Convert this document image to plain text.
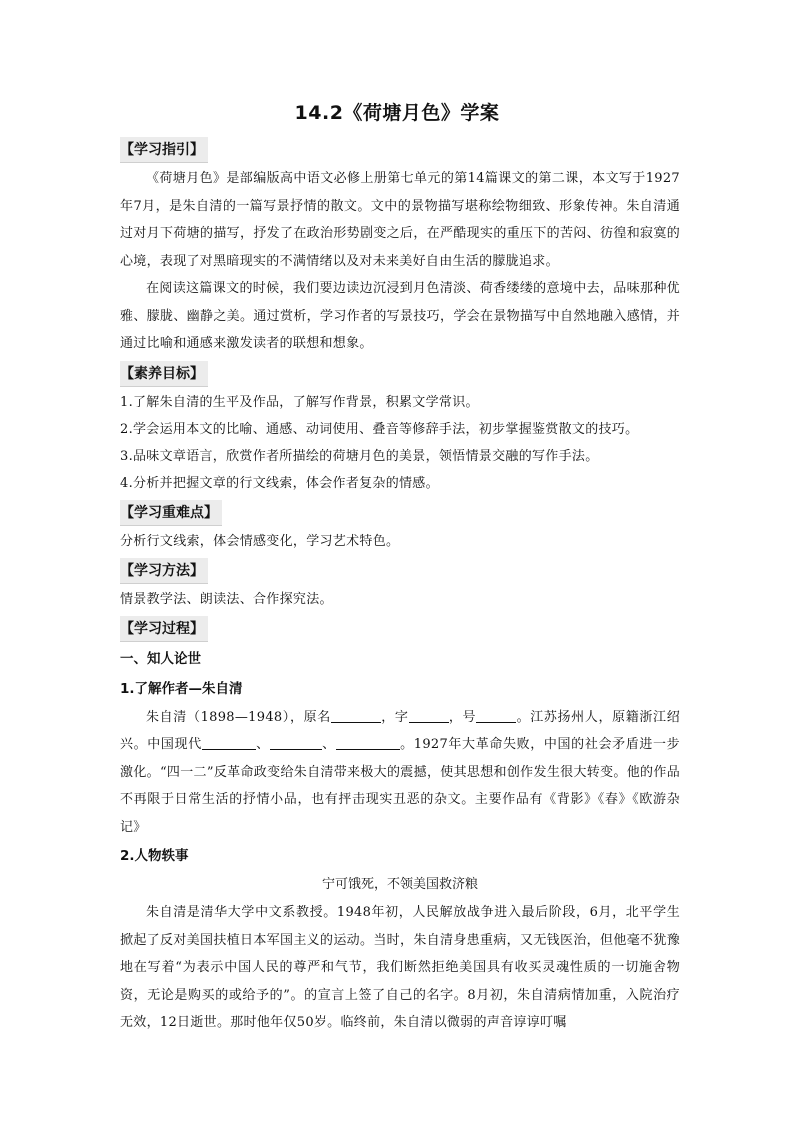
14.2《荷塘月色》学案
【学习指引】

《荷塘月色》是部编版高中语文必修上册第七单元的第14篇课文的第二课，本文写于1927年7月，是朱自清的一篇写景抒情的散文。文中的景物描写堪称绘物细致、形象传神。朱自清通过对月下荷塘的描写，抒发了在政治形势剧变之后，在严酷现实的重压下的苦闷、彷徨和寂寞的心境，表现了对黑暗现实的不满情绪以及对未来美好自由生活的朦胧追求。

在阅读这篇课文的时候，我们要边读边沉浸到月色清淡、荷香缕缕的意境中去，品味那种优雅、朦胧、幽静之美。通过赏析，学习作者的写景技巧，学会在景物描写中自然地融入感情，并通过比喻和通感来激发读者的联想和想象。

【素养目标】

1.了解朱自清的生平及作品，了解写作背景，积累文学常识。

2.学会运用本文的比喻、通感、动词使用、叠音等修辞手法，初步掌握鉴赏散文的技巧。

3.品味文章语言，欣赏作者所描绘的荷塘月色的美景，领悟情景交融的写作手法。

4.分析并把握文章的行文线索，体会作者复杂的情感。

【学习重难点】

分析行文线索，体会情感变化，学习艺术特色。

【学习方法】

情景教学法、朗读法、合作探究法。

【学习过程】

一、知人论世

1.了解作者—朱自清

朱自清（1898—1948），原名	，字	，号	。江苏扬州人，原籍浙江绍兴。中国现代	、	、	。1927年大革命失败，中国的社会矛盾进一步激化。“四一二”反革命政变给朱自清带来极大的震撼，使其思想和创作发生很大转变。他的作品不再限于日常生活的抒情小品，也有抨击现实丑恶的杂文。主要作品有《背影》《春》《欧游杂记》

2.人物轶事

宁可饿死，不领美国救济粮

朱自清是清华大学中文系教授。1948年初，人民解放战争进入最后阶段，6月，北平学生掀起了反对美国扶植日本军国主义的运动。当时，朱自清身患重病，又无钱医治，但他毫不犹豫地在写着“为表示中国人民的尊严和气节，我们断然拒绝美国具有收买灵魂性质的一切施舍物资，无论是购买的或给予的”。的宣言上签了自己的名字。8月初，朱自清病情加重，入院治疗无效，12日逝世。那时他年仅50岁。临终前，朱自清以微弱的声音谆谆叮嘱
